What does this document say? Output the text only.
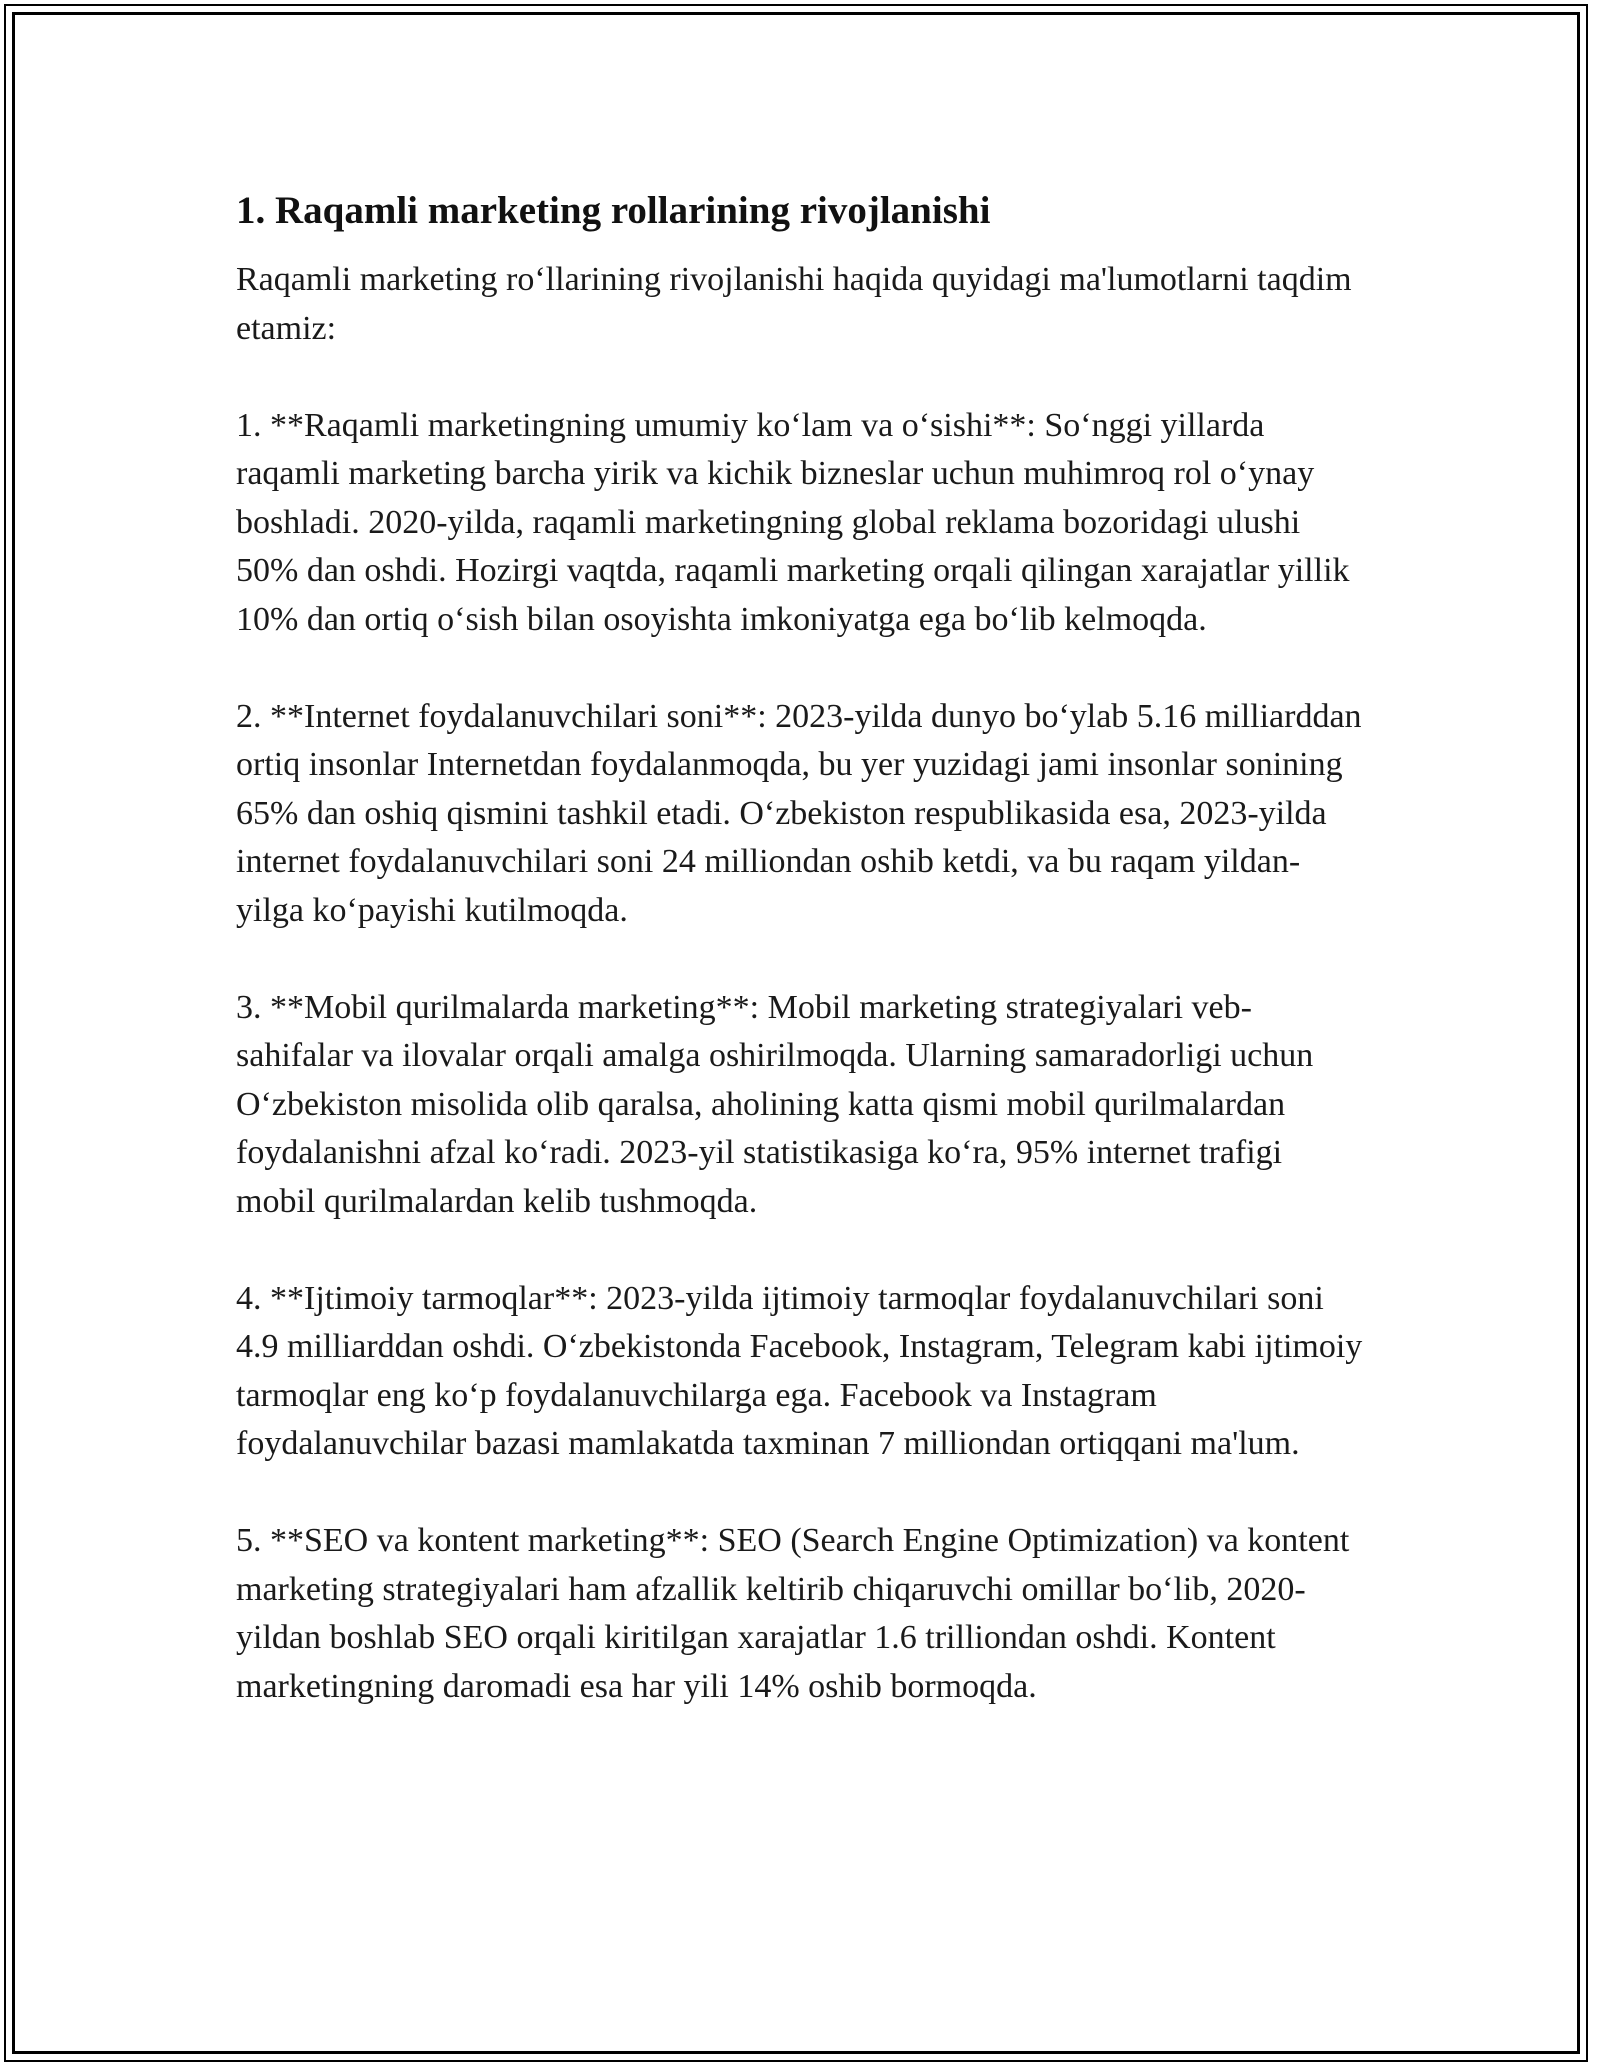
1. Raqamli marketing rollarining rivojlanishi

Raqamli marketing ro‘llarining rivojlanishi haqida quyidagi ma'lumotlarni taqdim etamiz:

1. **Raqamli marketingning umumiy ko‘lam va o‘sishi**: So‘nggi yillarda raqamli marketing barcha yirik va kichik bizneslar uchun muhimroq rol o‘ynay boshladi. 2020-yilda, raqamli marketingning global reklama bozoridagi ulushi 50% dan oshdi. Hozirgi vaqtda, raqamli marketing orqali qilingan xarajatlar yillik 10% dan ortiq o‘sish bilan osoyishta imkoniyatga ega bo‘lib kelmoqda.

2. **Internet foydalanuvchilari soni**: 2023-yilda dunyo bo‘ylab 5.16 milliarddan ortiq insonlar Internetdan foydalanmoqda, bu yer yuzidagi jami insonlar sonining 65% dan oshiq qismini tashkil etadi. O‘zbekiston respublikasida esa, 2023-yilda internet foydalanuvchilari soni 24 milliondan oshib ketdi, va bu raqam yildan-yilga ko‘payishi kutilmoqda.

3. **Mobil qurilmalarda marketing**: Mobil marketing strategiyalari veb-sahifalar va ilovalar orqali amalga oshirilmoqda. Ularning samaradorligi uchun O‘zbekiston misolida olib qaralsa, aholining katta qismi mobil qurilmalardan foydalanishni afzal ko‘radi. 2023-yil statistikasiga ko‘ra, 95% internet trafigi mobil qurilmalardan kelib tushmoqda.

4. **Ijtimoiy tarmoqlar**: 2023-yilda ijtimoiy tarmoqlar foydalanuvchilari soni 4.9 milliarddan oshdi. O‘zbekistonda Facebook, Instagram, Telegram kabi ijtimoiy tarmoqlar eng ko‘p foydalanuvchilarga ega. Facebook va Instagram foydalanuvchilar bazasi mamlakatda taxminan 7 milliondan ortiqqani ma'lum.

5. **SEO va kontent marketing**: SEO (Search Engine Optimization) va kontent marketing strategiyalari ham afzallik keltirib chiqaruvchi omillar bo‘lib, 2020-yildan boshlab SEO orqali kiritilgan xarajatlar 1.6 trilliondan oshdi. Kontent marketingning daromadi esa har yili 14% oshib bormoqda.
